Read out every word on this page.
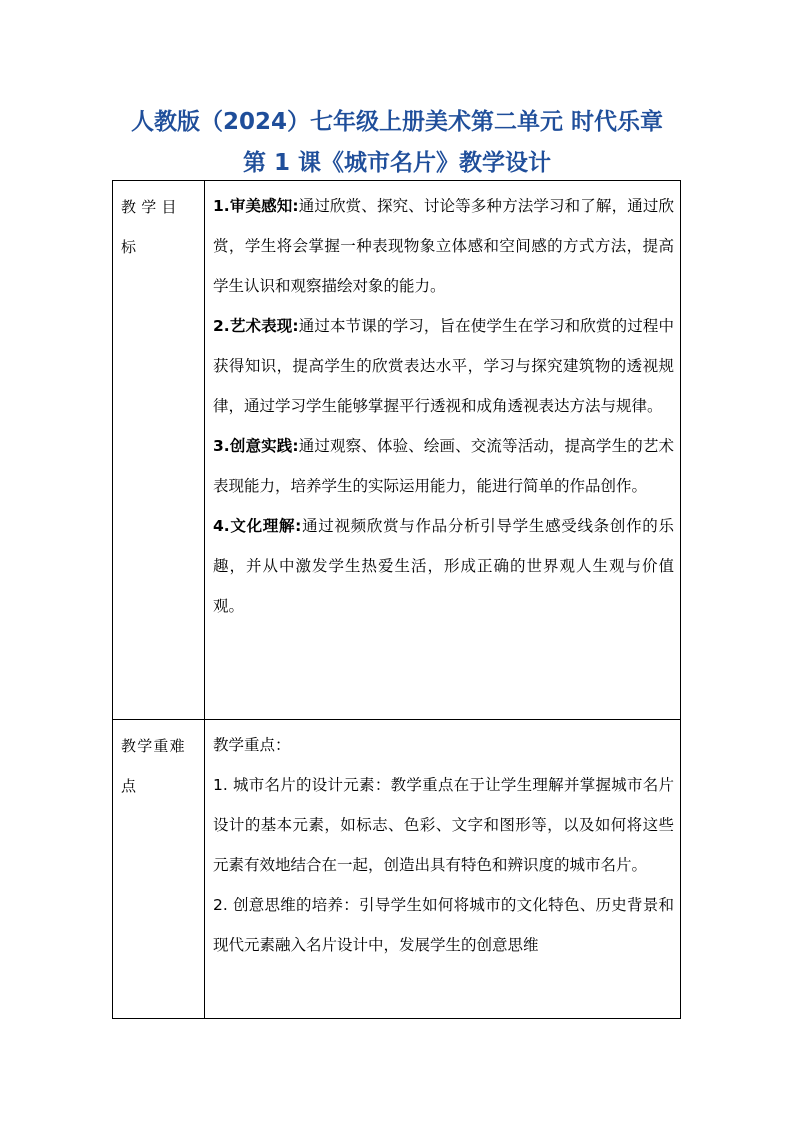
人教版（2024）七年级上册美术第二单元 时代乐章
第 1 课《城市名片》教学设计
教学目标	1.审美感知:通过欣赏、探究、讨论等多种方法学习和了解，通过欣赏，学生将会掌握一种表现物象立体感和空间感的方式方法，提高学生认识和观察描绘对象的能力。

2.艺术表现:通过本节课的学习，旨在使学生在学习和欣赏的过程中获得知识，提高学生的欣赏表达水平，学习与探究建筑物的透视规律，通过学习学生能够掌握平行透视和成角透视表达方法与规律。

3.创意实践:通过观察、体验、绘画、交流等活动，提高学生的艺术表现能力，培养学生的实际运用能力，能进行简单的作品创作。

4.文化理解:通过视频欣赏与作品分析引导学生感受线条创作的乐趣，并从中激发学生热爱生活，形成正确的世界观人生观与价值观。

教学重难点	教学重点：

1. 城市名片的设计元素：教学重点在于让学生理解并掌握城市名片设计的基本元素，如标志、色彩、文字和图形等，以及如何将这些元素有效地结合在一起，创造出具有特色和辨识度的城市名片。

2. 创意思维的培养：引导学生如何将城市的文化特色、历史背景和现代元素融入名片设计中，发展学生的创意思维
